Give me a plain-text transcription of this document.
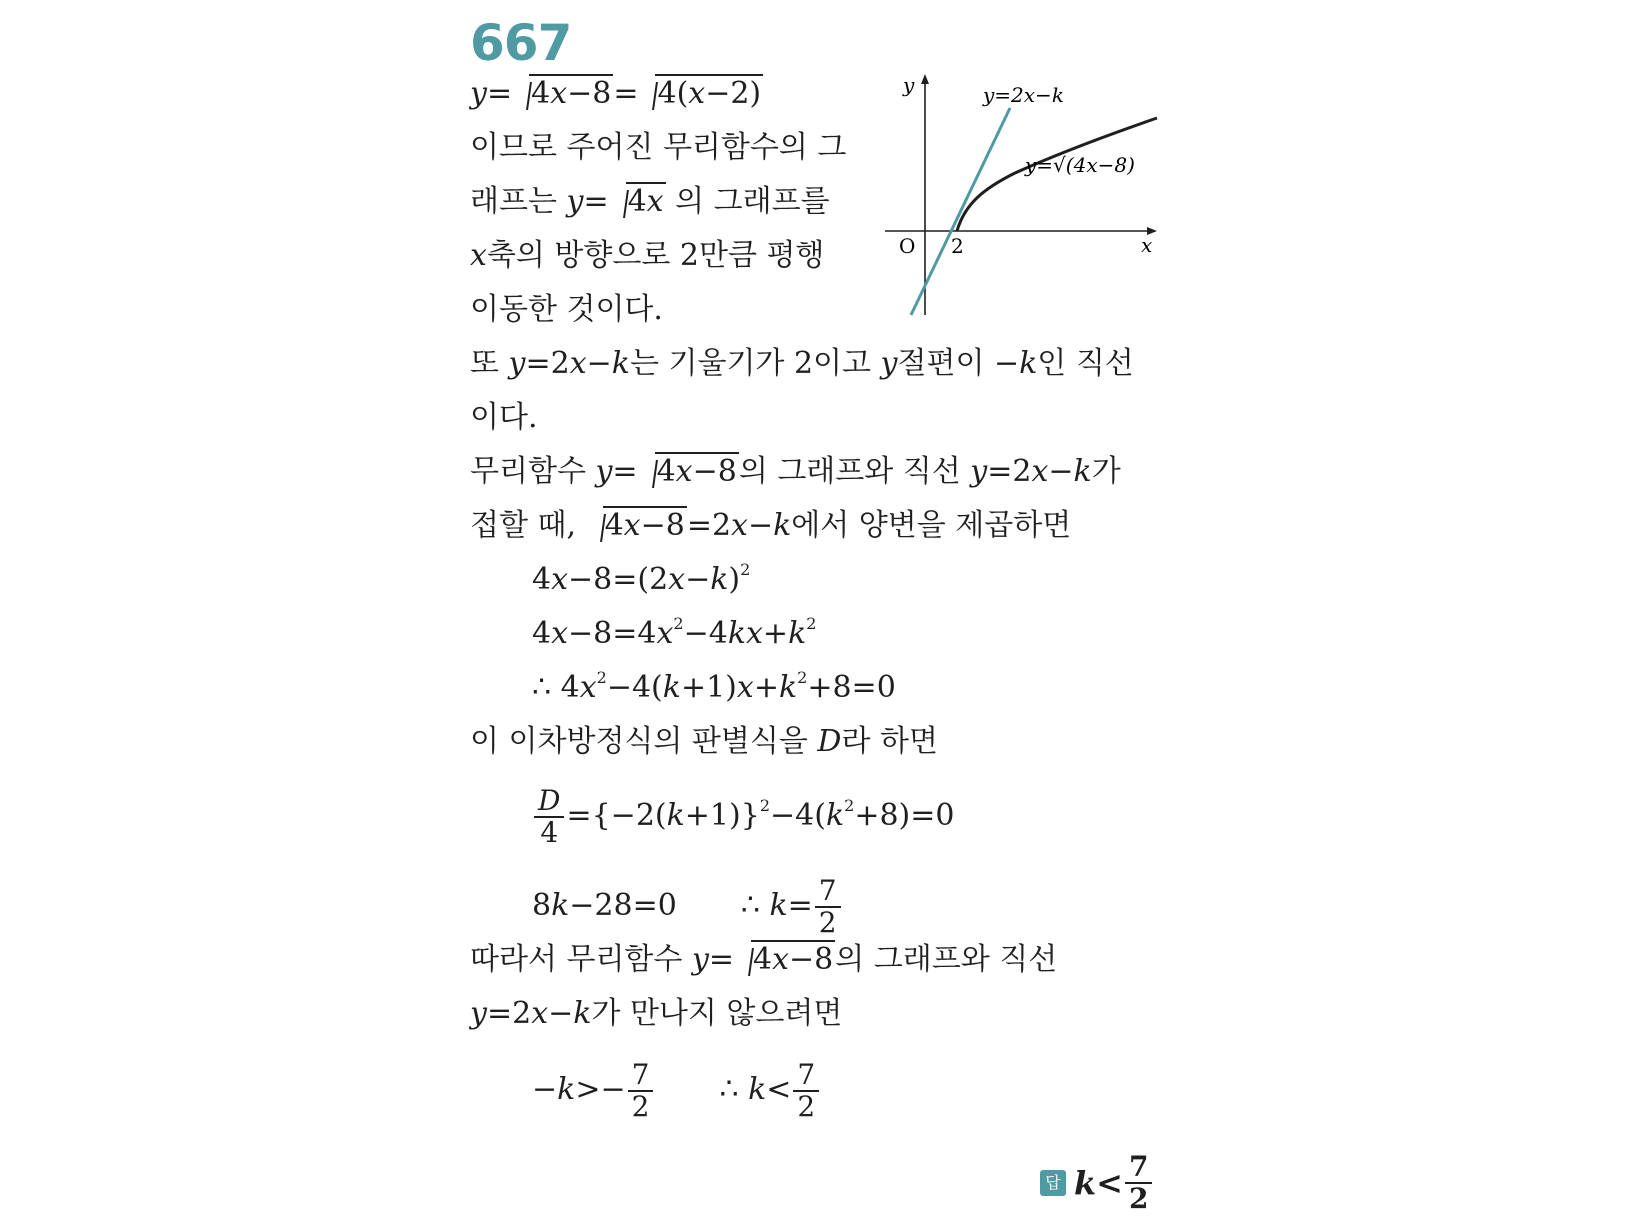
667
y= 4x−8= 4(x−2)
이므로 주어진 무리함수의 그
래프는 y= 4x 의 그래프를
x축의 방향으로 2만큼 평행
이동한 것이다.
또 y=2x−k는 기울기가 2이고 y절편이 −k인 직선
이다.
무리함수 y= 4x−8의 그래프와 직선 y=2x−k가
접할 때, 4x−8=2x−k에서 양변을 제곱하면
$4x-8=(2x-k)^2$
$4x-8=4x^2-4kx+k^2$
∴ $4x^2-4(k+1)x+k^2+8=0$
이 이차방정식의 판별식을 D라 하면
$\frac{D}{4} =\{-2(k+1)\}^2-4(k^2+8)=0$
8k−28=0 ∴ $k= \frac{7}{2}$
따라서 무리함수 y= 4x−8의 그래프와 직선
y=2x−k가 만나지 않으려면
$-k>- \frac{7}{2}$ ∴ $k< \frac{7}{2}$
y
x
O 2
y=2x−k
y=√(4x−8)
답 $k < \frac{7}{2}$
